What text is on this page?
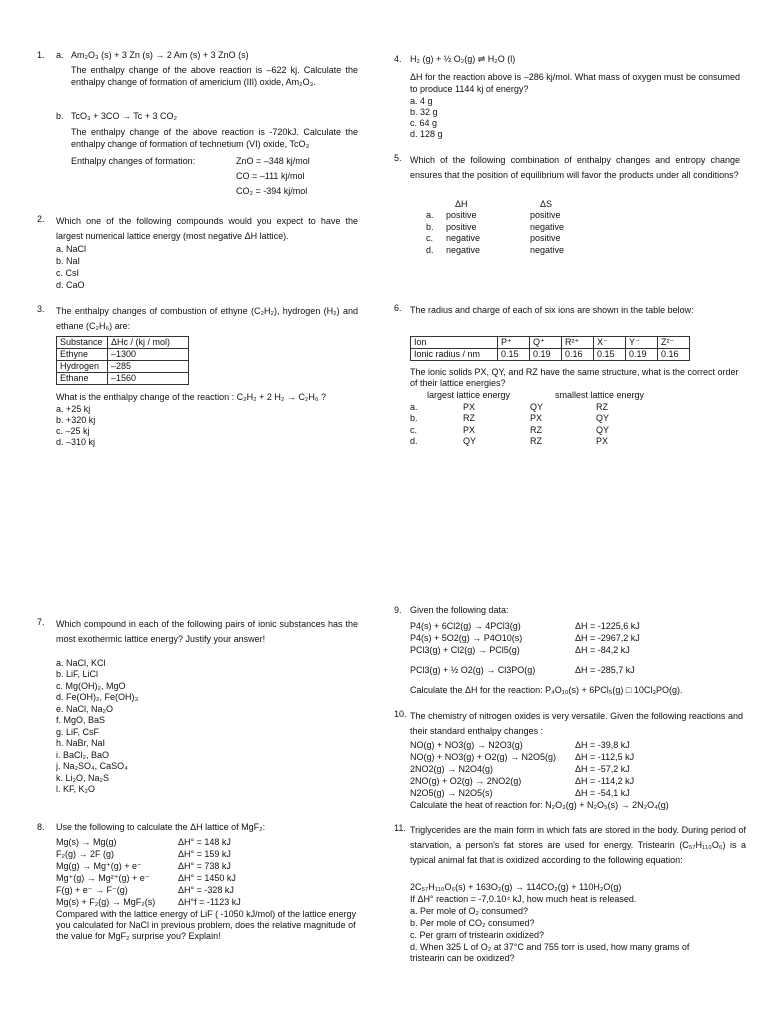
1. a. Am₂O₃ (s) + 3 Zn (s) → 2 Am (s) + 3 ZnO (s)
The enthalpy change of the above reaction is –622 kj. Calculate the enthalpy change of formation of americium (III) oxide, Am₂O₃.
b. TcO₃ + 3CO → Tc + 3 CO₂
The enthalpy change of the above reaction is -720kJ. Calculate the enthalpy change of formation of technetium (VI) oxide, TcO₃
Enthalpy changes of formation:	ZnO = –348 kj/mol
CO = –111 kj/mol
CO₂ = -394 kj/mol
2. Which one of the following compounds would you expect to have the largest numerical lattice energy (most negative ΔH lattice).
a. NaCl
b. NaI
c. CsI
d. CaO
3. The enthalpy changes of combustion of ethyne (C₂H₂), hydrogen (H₂) and ethane (C₂H₆) are:
Substance	ΔHc / (kj / mol)
Ethyne	–1300
Hydrogen	–285
Ethane	–1560
What is the enthalpy change of the reaction : C₂H₂ + 2 H₂ → C₂H₆ ?
a. +25 kj
b. +320 kj
c. –25 kj
d. –310 kj
4. H₂ (g) + ½ O₂(g) ⇌ H₂O (l)
ΔH for the reaction above is –286 kj/mol. What mass of oxygen must be consumed to produce 1144 kj of energy?
a. 4 g
b. 32 g
c. 64 g
d. 128 g
5. Which of the following combination of enthalpy changes and entropy change ensures that the position of equilibrium will favor the products under all conditions?
ΔH	ΔS
a. positive	positive
b. positive	negative
c. negative	positive
d. negative	negative
6. The radius and charge of each of six ions are shown in the table below:
Ion	P⁺	Q⁺	R²⁺	X⁻	Y⁻	Z²⁻
Ionic radius / nm	0.15	0.19	0.16	0.15	0.19	0.16
The ionic solids PX, QY, and RZ have the same structure, what is the correct order of their lattice energies?
largest lattice energy	smallest lattice energy
a.	PX	QY	RZ
b.	RZ	PX	QY
c.	PX	RZ	QY
d.	QY	RZ	PX
7. Which compound in each of the following pairs of ionic substances has the most exothermic lattice energy? Justify your answer!
a. NaCl, KCl
b. LiF, LiCl
c. Mg(OH)₂, MgO
d. Fe(OH)₂, Fe(OH)₃
e. NaCl, Na₂O
f. MgO, BaS
g. LiF, CsF
h. NaBr, NaI
i. BaCl₂, BaO
j. Na₂SO₄, CaSO₄
k. Li₂O, Na₂S
l. KF, K₂O
8. Use the following to calculate the ΔH lattice of MgF₂:
Mg(s) → Mg(g)	ΔH° = 148 kJ
F₂(g) → 2F (g)	ΔH° = 159 kJ
Mg(g) → Mg⁺(g) + e⁻	ΔH° = 738 kJ
Mg⁺(g) → Mg²⁺(g) + e⁻	ΔH° = 1450 kJ
F(g) + e⁻ → F⁻(g)	ΔH° = -328 kJ
Mg(s) + F₂(g) → MgF₂(s)	ΔH°f = -1123 kJ
Compared with the lattice energy of LiF ( -1050 kJ/mol) of the lattice energy you calculated for NaCl in previous problem, does the relative magnitude of the value for MgF₂ surprise you? Explain!
9. Given the following data:
P4(s) + 6Cl2(g) → 4PCl3(g)	ΔH = -1225,6 kJ
P4(s) + 5O2(g) → P4O10(s)	ΔH = -2967,2 kJ
PCl3(g) + Cl2(g) → PCl5(g)	ΔH = -84,2 kJ
PCl3(g) + ½ O2(g) → Cl3PO(g)	ΔH = -285,7 kJ
Calculate the ΔH for the reaction: P₄O₁₀(s) + 6PCl₅(g) □ 10Cl₃PO(g).
10. The chemistry of nitrogen oxides is very versatile. Given the following reactions and their standard enthalpy changes :
NO(g) + NO3(g) → N2O3(g)	ΔH = -39,8 kJ
NO(g) + NO3(g) + O2(g) → N2O5(g) ΔH = -112,5 kJ
2NO2(g) → N2O4(g)	ΔH = -57,2 kJ
2NO(g) + O2(g) → 2NO2(g)	ΔH = -114,2 kJ
N2O5(g) → N2O5(s)	ΔH = -54,1 kJ
Calculate the heat of reaction for: N₂O₃(g) + N₂O₅(s) → 2N₂O₄(g)
11. Triglycerides are the main form in which fats are stored in the body. During period of starvation, a person's fat stores are used for energy. Tristearin (C₅₇H₁₁₀O₆) is a typical animal fat that is oxidized according to the following equation:
2C₅₇H₁₁₀O₆(s) + 163O₂(g) → 114CO₂(g) + 110H₂O(g)
If ΔH° reaction = -7,0.10⁴ kJ, how much heat is released.
a. Per mole of O₂ consumed?
b. Per mole of CO₂ consumed?
c. Per gram of tristearin oxidized?
d. When 325 L of O₂ at 37°C and 755 torr is used, how many grams of tristearin can be oxidized?
